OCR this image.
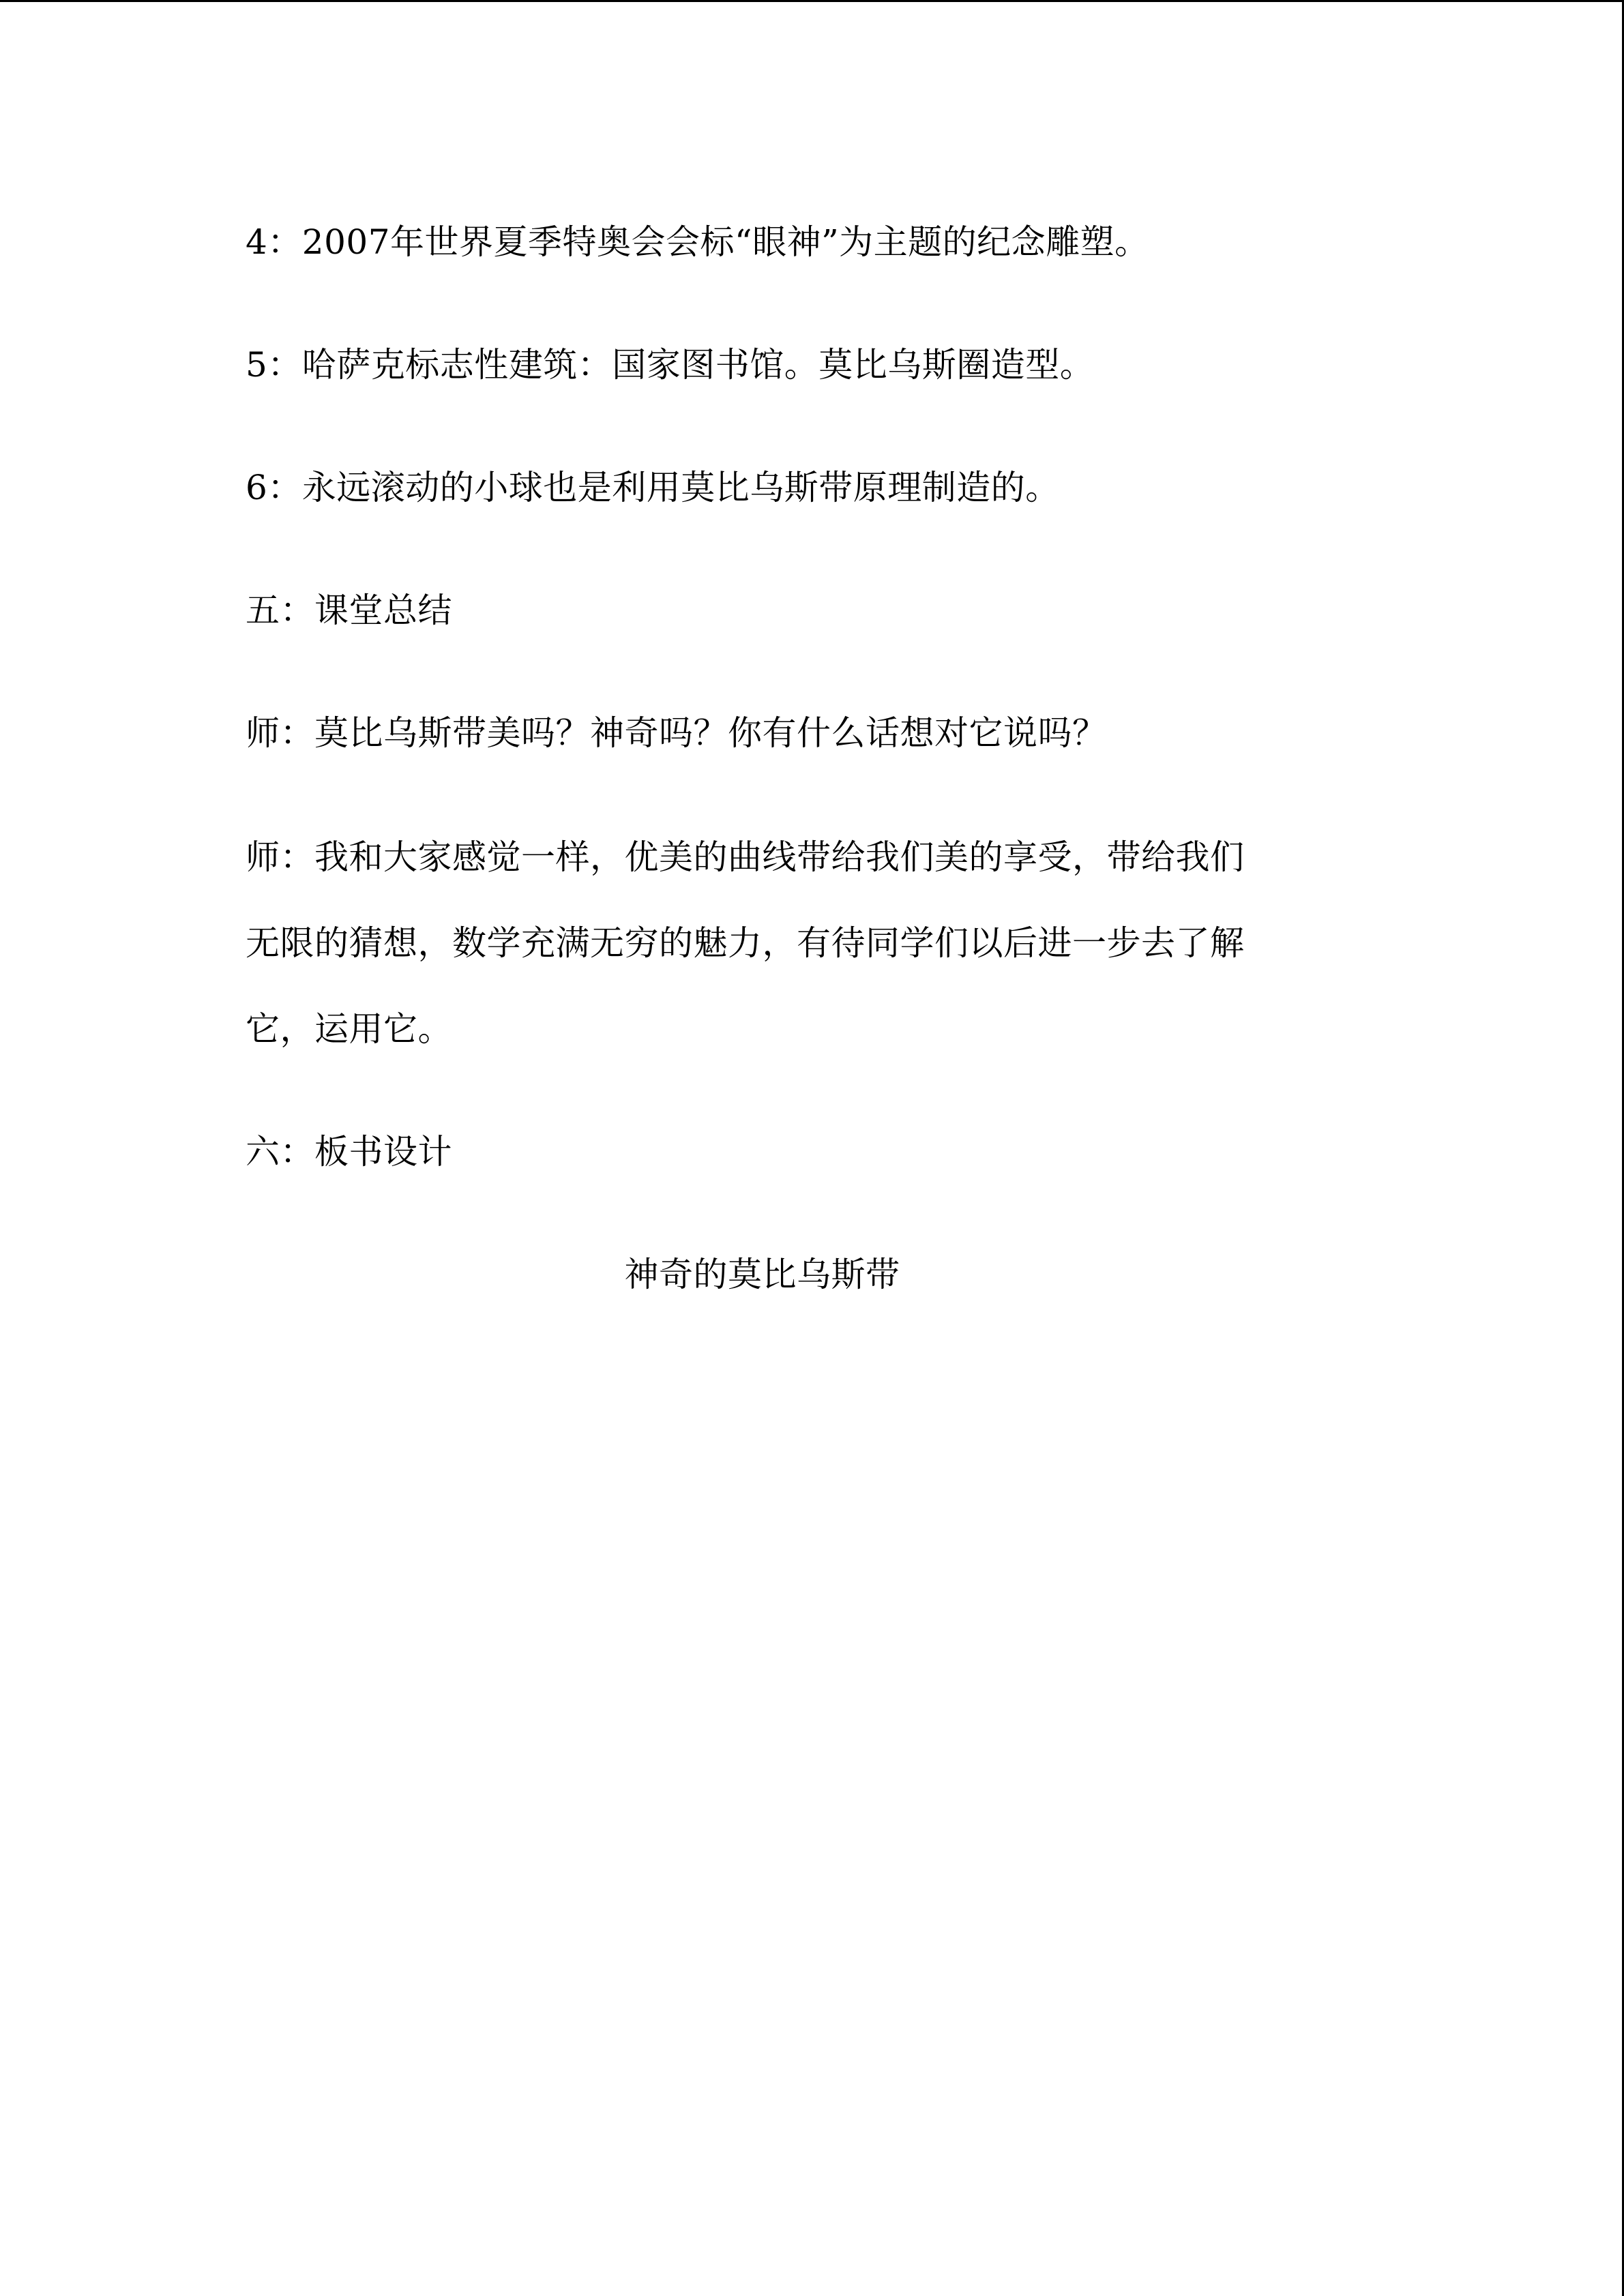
4：2007年世界夏季特奥会会标“眼神”为主题的纪念雕塑。
5：哈萨克标志性建筑：国家图书馆。莫比乌斯圈造型。
6：永远滚动的小球也是利用莫比乌斯带原理制造的。
五：课堂总结
师：莫比乌斯带美吗？神奇吗？你有什么话想对它说吗？
师：我和大家感觉一样，优美的曲线带给我们美的享受，带给我们
无限的猜想，数学充满无穷的魅力，有待同学们以后进一步去了解
它，运用它。
六：板书设计
神奇的莫比乌斯带
